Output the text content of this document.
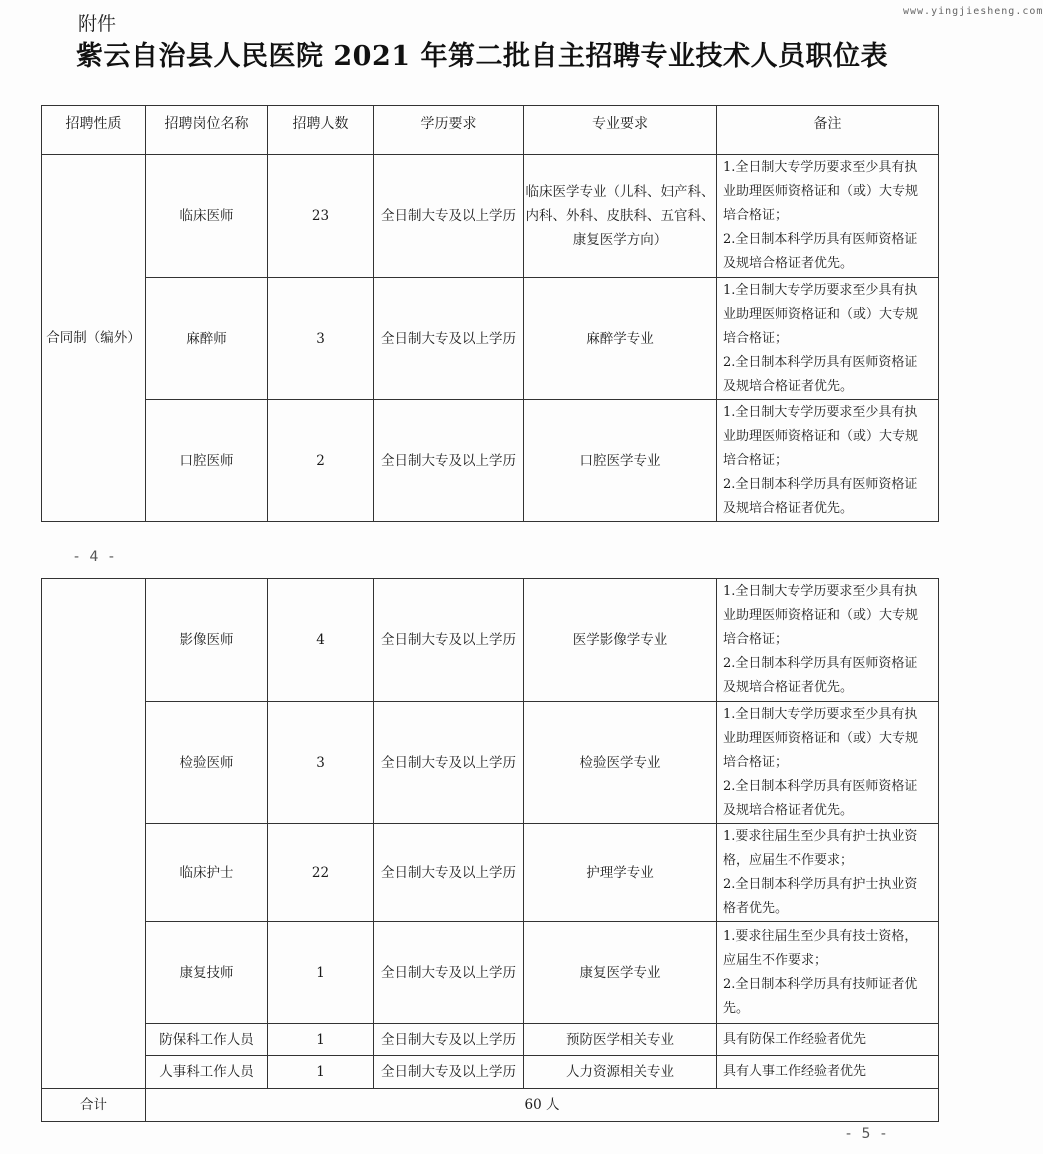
www.yingjiesheng.com
附件
紫云自治县人民医院 2021 年第二批自主招聘专业技术人员职位表
招聘性质	招聘岗位名称	招聘人数	学历要求	专业要求	备注
合同制（编外）	临床医师	23	全日制大专及以上学历	临床医学专业（儿科、妇产科、
内科、外科、皮肤科、五官科、
康复医学方向）	1.全日制大专学历要求至少具有执
业助理医师资格证和（或）大专规
培合格证；
2.全日制本科学历具有医师资格证
及规培合格证者优先。

	麻醉师	3	全日制大专及以上学历	麻醉学专业	1.全日制大专学历要求至少具有执
业助理医师资格证和（或）大专规
培合格证；
2.全日制本科学历具有医师资格证
及规培合格证者优先。

	口腔医师	2	全日制大专及以上学历	口腔医学专业	1.全日制大专学历要求至少具有执
业助理医师资格证和（或）大专规
培合格证；
2.全日制本科学历具有医师资格证
及规培合格证者优先。
- 4 -
	影像医师	4	全日制大专及以上学历	医学影像学专业	1.全日制大专学历要求至少具有执
业助理医师资格证和（或）大专规
培合格证；
2.全日制本科学历具有医师资格证
及规培合格证者优先。

	检验医师	3	全日制大专及以上学历	检验医学专业	1.全日制大专学历要求至少具有执
业助理医师资格证和（或）大专规
培合格证；
2.全日制本科学历具有医师资格证
及规培合格证者优先。

	临床护士	22	全日制大专及以上学历	护理学专业	1.要求往届生至少具有护士执业资
格，应届生不作要求；
2.全日制本科学历具有护士执业资
格者优先。

	康复技师	1	全日制大专及以上学历	康复医学专业	1.要求往届生至少具有技士资格，
应届生不作要求；
2.全日制本科学历具有技师证者优
先。

	防保科工作人员	1	全日制大专及以上学历	预防医学相关专业	具有防保工作经验者优先

	人事科工作人员	1	全日制大专及以上学历	人力资源相关专业	具有人事工作经验者优先

合计	60 人				
- 5 -
